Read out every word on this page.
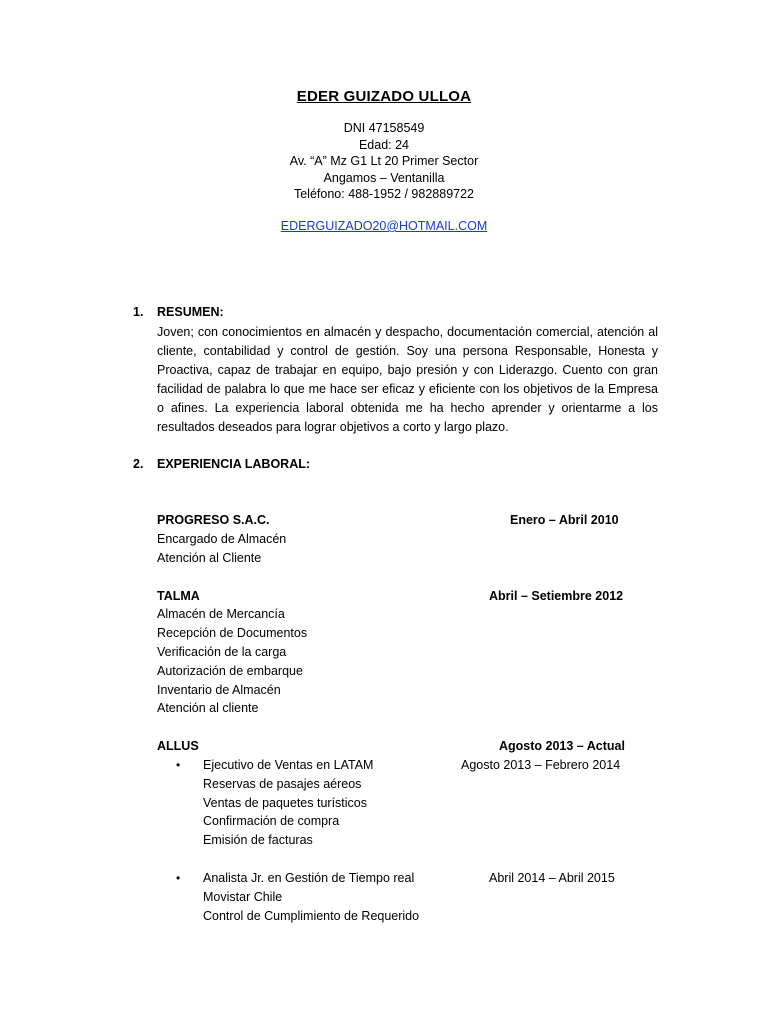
EDER GUIZADO ULLOA
DNI 47158549
Edad: 24
Av. “A” Mz G1 Lt 20 Primer Sector
Angamos – Ventanilla
Teléfono: 488-1952 / 982889722
EDERGUIZADO20@HOTMAIL.COM
1. RESUMEN:
Joven; con conocimientos en almacén y despacho, documentación comercial, atención al cliente, contabilidad y control de gestión. Soy una persona Responsable, Honesta y Proactiva, capaz de trabajar en equipo, bajo presión y con Liderazgo. Cuento con gran facilidad de palabra lo que me hace ser eficaz y eficiente con los objetivos de la Empresa o afines. La experiencia laboral obtenida me ha hecho aprender y orientarme a los resultados deseados para lograr objetivos a corto y largo plazo.
2. EXPERIENCIA LABORAL:
PROGRESO S.A.C.	Enero – Abril 2010
Encargado de Almacén
Atención al Cliente
TALMA	Abril – Setiembre 2012
Almacén de Mercancía
Recepción de Documentos
Verificación de la carga
Autorización de embarque
Inventario de Almacén
Atención al cliente
ALLUS	Agosto 2013 – Actual
• Ejecutivo de Ventas en LATAM	Agosto 2013 – Febrero 2014
Reservas de pasajes aéreos
Ventas de paquetes turísticos
Confirmación de compra
Emisión de facturas
• Analista Jr. en Gestión de Tiempo real	Abril 2014 – Abril 2015
Movistar Chile
Control de Cumplimiento de Requerido
